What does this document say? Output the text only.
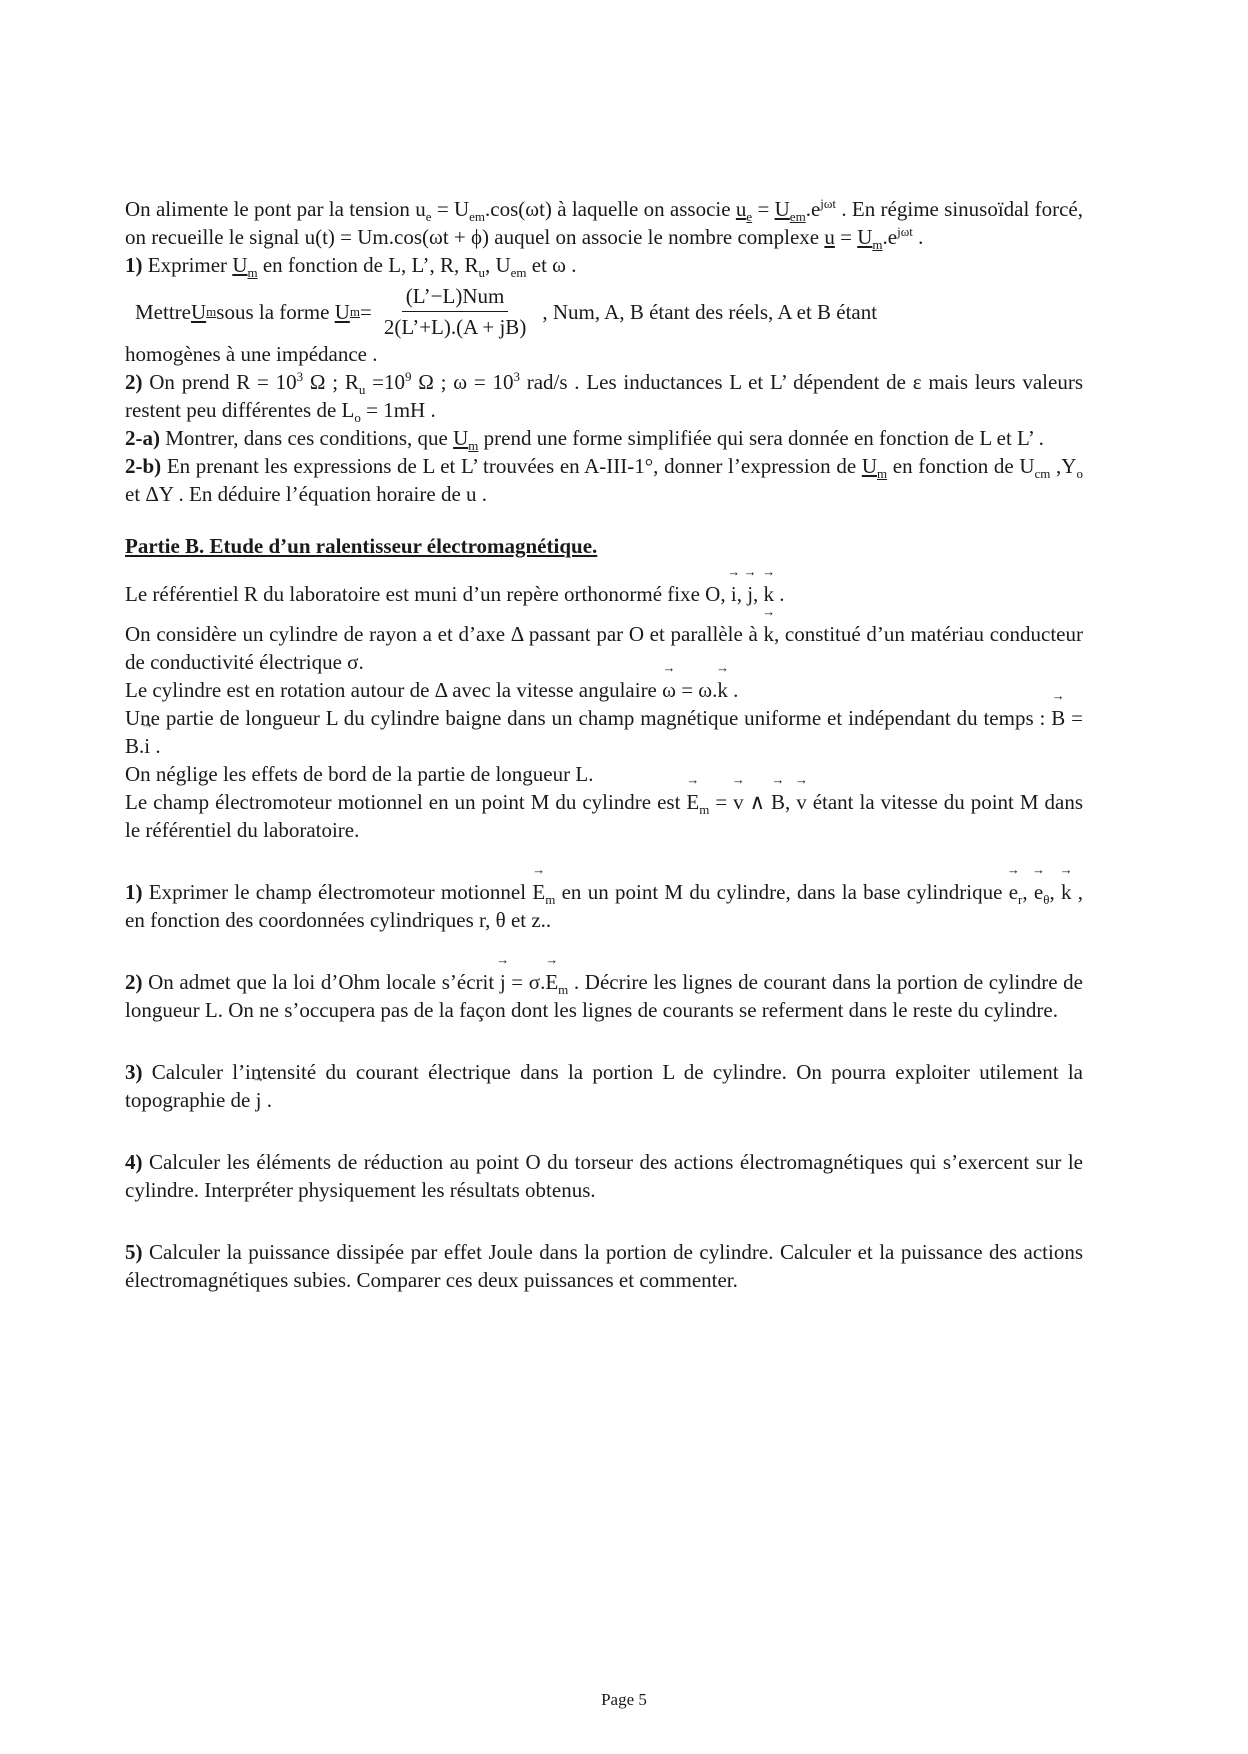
On alimente le pont par la tension $u_e = U_{em}.\cos(\omega t)$ à laquelle on associe $u_e = U_{em}.e^{j\omega t}$ . En régime sinusoïdal forcé, on recueille le signal u(t) = Um.cos(ωt + ϕ) auquel on associe le nombre complexe $u = U_m.e^{j\omega t}$ .

1) Exprimer $U_m$ en fonction de L, L’, R, $R_u$, $U_{em}$ et ω .

Mettre U m sous la forme
U $m = \frac{\text{(L’−L)Num}}{2(L’+L).(A + jB)}$ , Num, A, B étant des réels, A et B étant

homogènes à une impédance .

2) On prend $R = 10^3$ Ω ; $R_u =10^9$ Ω ; $\omega = 10^3$ rad/s . Les inductances L et L’ dépendent de ε mais leurs valeurs restent peu différentes de $L_o = 1mH$ .

2-a) Montrer, dans ces conditions, que $U_m$ prend une forme simplifiée qui sera donnée en fonction de L et L’ .

2-b) En prenant les expressions de L et L’ trouvées en A-III-1°, donner l’expression de $U_m$ en fonction de $U_{cm}$ $,Y_o$ et ΔY . En déduire l’équation horaire de u .

Partie B. Etude d’un ralentisseur électromagnétique.

Le référentiel R du laboratoire est muni d’un repère orthonormé fixe O, → i, → j, → k .

On considère un cylindre de rayon a et d’axe Δ passant par O et parallèle à → k, constitué d’un matériau conducteur de conductivité électrique σ.

Le cylindre est en rotation autour de Δ avec la vitesse angulaire → ω = ω.→ k .

Une partie de longueur L du cylindre baigne dans un champ magnétique uniforme et indépendant du temps : → B = B.→ i .

On néglige les effets de bord de la partie de longueur L.

Le champ électromoteur motionnel en un point M du cylindre est → $E_m$ = → v ∧ → B, → v étant la vitesse du point M dans le référentiel du laboratoire.

1) Exprimer le champ électromoteur motionnel → $E_m$ en un point M du cylindre, dans la base cylindrique → $e_r$, → $e_\theta$, → k , en fonction des coordonnées cylindriques r, θ et z..

2) On admet que la loi d’Ohm locale s’écrit → $j = \sigma.\to E_m$ . Décrire les lignes de courant dans la portion de cylindre de longueur L. On ne s’occupera pas de la façon dont les lignes de courants se referment dans le reste du cylindre.

3) Calculer l’intensité du courant électrique dans la portion L de cylindre. On pourra exploiter utilement la topographie de → j .

4) Calculer les éléments de réduction au point O du torseur des actions électromagnétiques qui s’exercent sur le cylindre. Interpréter physiquement les résultats obtenus.

5) Calculer la puissance dissipée par effet Joule dans la portion de cylindre. Calculer et la puissance des actions électromagnétiques subies. Comparer ces deux puissances et commenter.

Page 5
